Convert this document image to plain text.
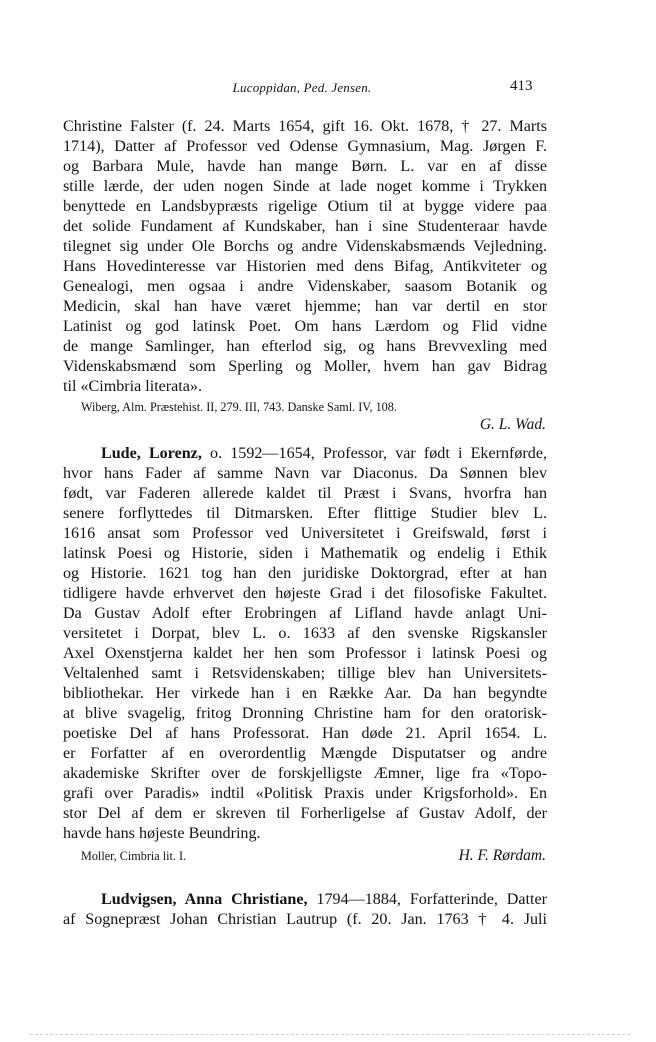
Lucoppidan, Ped. Jensen.	413
Christine Falster (f. 24. Marts 1654, gift 16. Okt. 1678, † 27. Marts
1714), Datter af Professor ved Odense Gymnasium, Mag. Jørgen F.
og Barbara Mule, havde han mange Børn. L. var en af disse
stille lærde, der uden nogen Sinde at lade noget komme i Trykken
benyttede en Landsbypræsts rigelige Otium til at bygge videre paa
det solide Fundament af Kundskaber, han i sine Studenteraar havde
tilegnet sig under Ole Borchs og andre Videnskabsmænds Vejledning.
Hans Hovedinteresse var Historien med dens Bifag, Antikviteter og
Genealogi, men ogsaa i andre Videnskaber, saasom Botanik og
Medicin, skal han have været hjemme; han var dertil en stor
Latinist og god latinsk Poet. Om hans Lærdom og Flid vidne
de mange Samlinger, han efterlod sig, og hans Brevvexling med
Videnskabsmænd som Sperling og Moller, hvem han gav Bidrag
til «Cimbria literata».
Wiberg, Alm. Præstehist. II, 279. III, 743. Danske Saml. IV, 108.
G. L. Wad.
Lude, Lorenz, o. 1592—1654, Professor, var født i Ekernførde,
hvor hans Fader af samme Navn var Diaconus. Da Sønnen blev
født, var Faderen allerede kaldet til Præst i Svans, hvorfra han
senere forflyttedes til Ditmarsken. Efter flittige Studier blev L.
1616 ansat som Professor ved Universitetet i Greifswald, først i
latinsk Poesi og Historie, siden i Mathematik og endelig i Ethik
og Historie. 1621 tog han den juridiske Doktorgrad, efter at han
tidligere havde erhvervet den højeste Grad i det filosofiske Fakultet.
Da Gustav Adolf efter Erobringen af Lifland havde anlagt Uni-
versitetet i Dorpat, blev L. o. 1633 af den svenske Rigskansler
Axel Oxenstjerna kaldet her hen som Professor i latinsk Poesi og
Veltalenhed samt i Retsvidenskaben; tillige blev han Universitets-
bibliothekar. Her virkede han i en Række Aar. Da han begyndte
at blive svagelig, fritog Dronning Christine ham for den oratorisk-
poetiske Del af hans Professorat. Han døde 21. April 1654. L.
er Forfatter af en overordentlig Mængde Disputatser og andre
akademiske Skrifter over de forskjelligste Æmner, lige fra «Topo-
grafi over Paradis» indtil «Politisk Praxis under Krigsforhold». En
stor Del af dem er skreven til Forherligelse af Gustav Adolf, der
havde hans højeste Beundring.
Moller, Cimbria lit. I.	H. F. Rørdam.
Ludvigsen, Anna Christiane, 1794—1884, Forfatterinde, Datter
af Sognepræst Johan Christian Lautrup (f. 20. Jan. 1763 † 4. Juli
